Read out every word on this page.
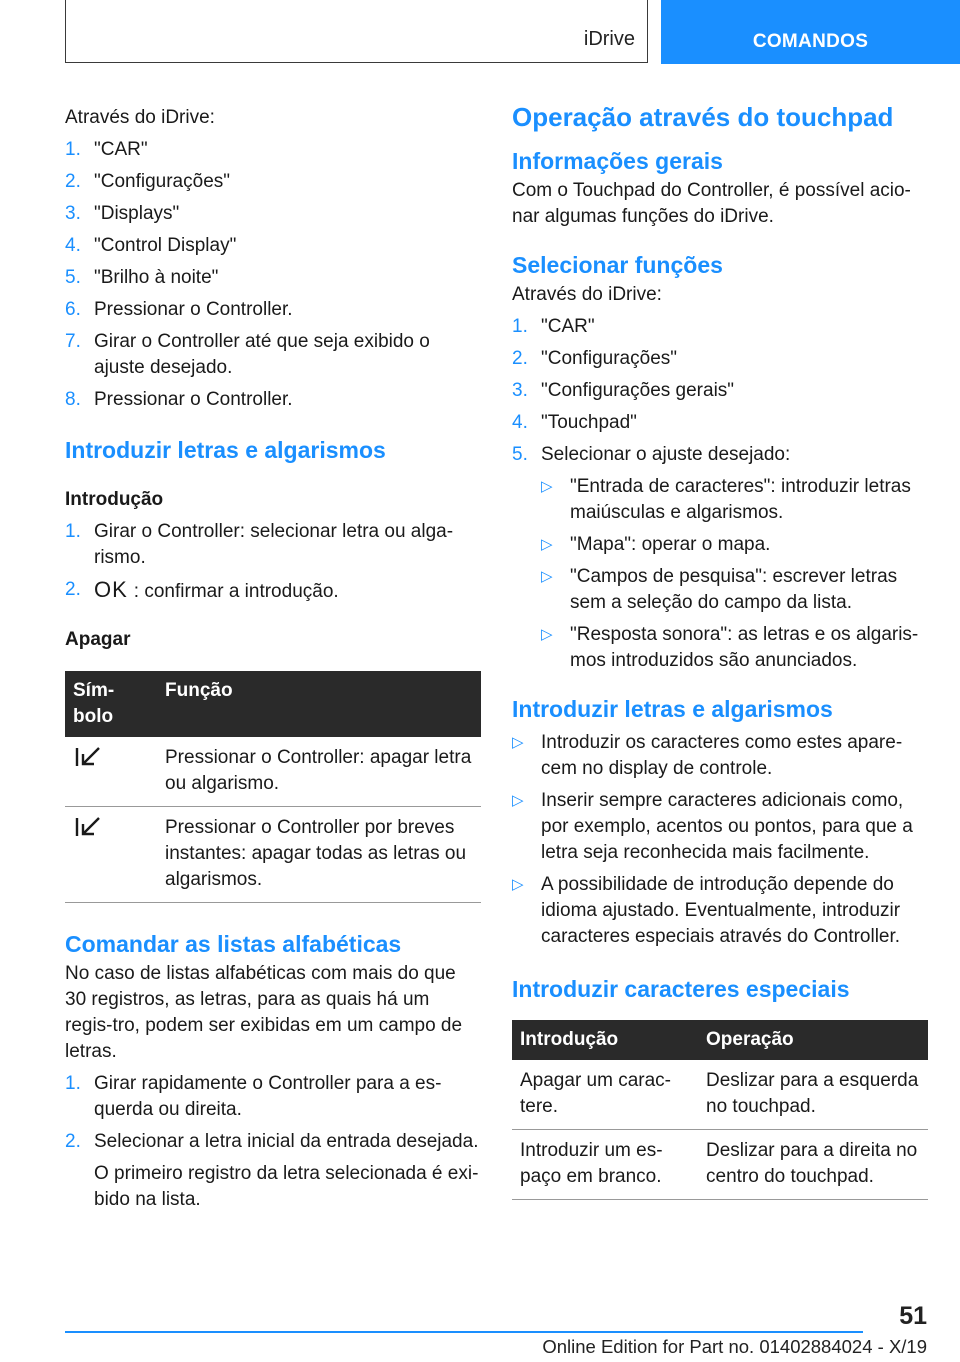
iDrive	COMANDOS

Através do iDrive:

1. "CAR"
2. "Configurações"
3. "Displays"
4. "Control Display"
5. "Brilho à noite"
6. Pressionar o Controller.
7. Girar o Controller até que seja exibido o ajuste desejado.
8. Pressionar o Controller.
Introduzir letras e algarismos
Introdução
1. Girar o Controller: selecionar letra ou alga-rismo.
2. OK : confirmar a introdução.
Apagar
Sím-bolo	Função
	Pressionar o Controller: apagar letra ou algarismo.
	Pressionar o Controller por breves instantes: apagar todas as letras ou algarismos.
Comandar as listas alfabéticas

No caso de listas alfabéticas com mais do que 30 registros, as letras, para as quais há um regis-tro, podem ser exibidas em um campo de letras.

1. Girar rapidamente o Controller para a es-querda ou direita.
2. Selecionar a letra inicial da entrada desejada.

O primeiro registro da letra selecionada é exi-bido na lista.

Operação através do touchpad
Informações gerais

Com o Touchpad do Controller, é possível acio-nar algumas funções do iDrive.

Selecionar funções

Através do iDrive:

1. "CAR"
2. "Configurações"
3. "Configurações gerais"
4. "Touchpad"
5. Selecionar o ajuste desejado:
▷ "Entrada de caracteres": introduzir letras maiúsculas e algarismos.
▷ "Mapa": operar o mapa.
▷ "Campos de pesquisa": escrever letras sem a seleção do campo da lista.
▷ "Resposta sonora": as letras e os algaris-mos introduzidos são anunciados.
Introduzir letras e algarismos
▷ Introduzir os caracteres como estes apare-cem no display de controle.
▷ Inserir sempre caracteres adicionais como, por exemplo, acentos ou pontos, para que a letra seja reconhecida mais facilmente.
▷ A possibilidade de introdução depende do idioma ajustado. Eventualmente, introduzir caracteres especiais através do Controller.
Introduzir caracteres especiais
Introdução	Operação
Apagar um carac-tere.	Deslizar para a esquerda no touchpad.
Introduzir um es-paço em branco.	Deslizar para a direita no centro do touchpad.
51
Online Edition for Part no. 01402884024 - X/19
